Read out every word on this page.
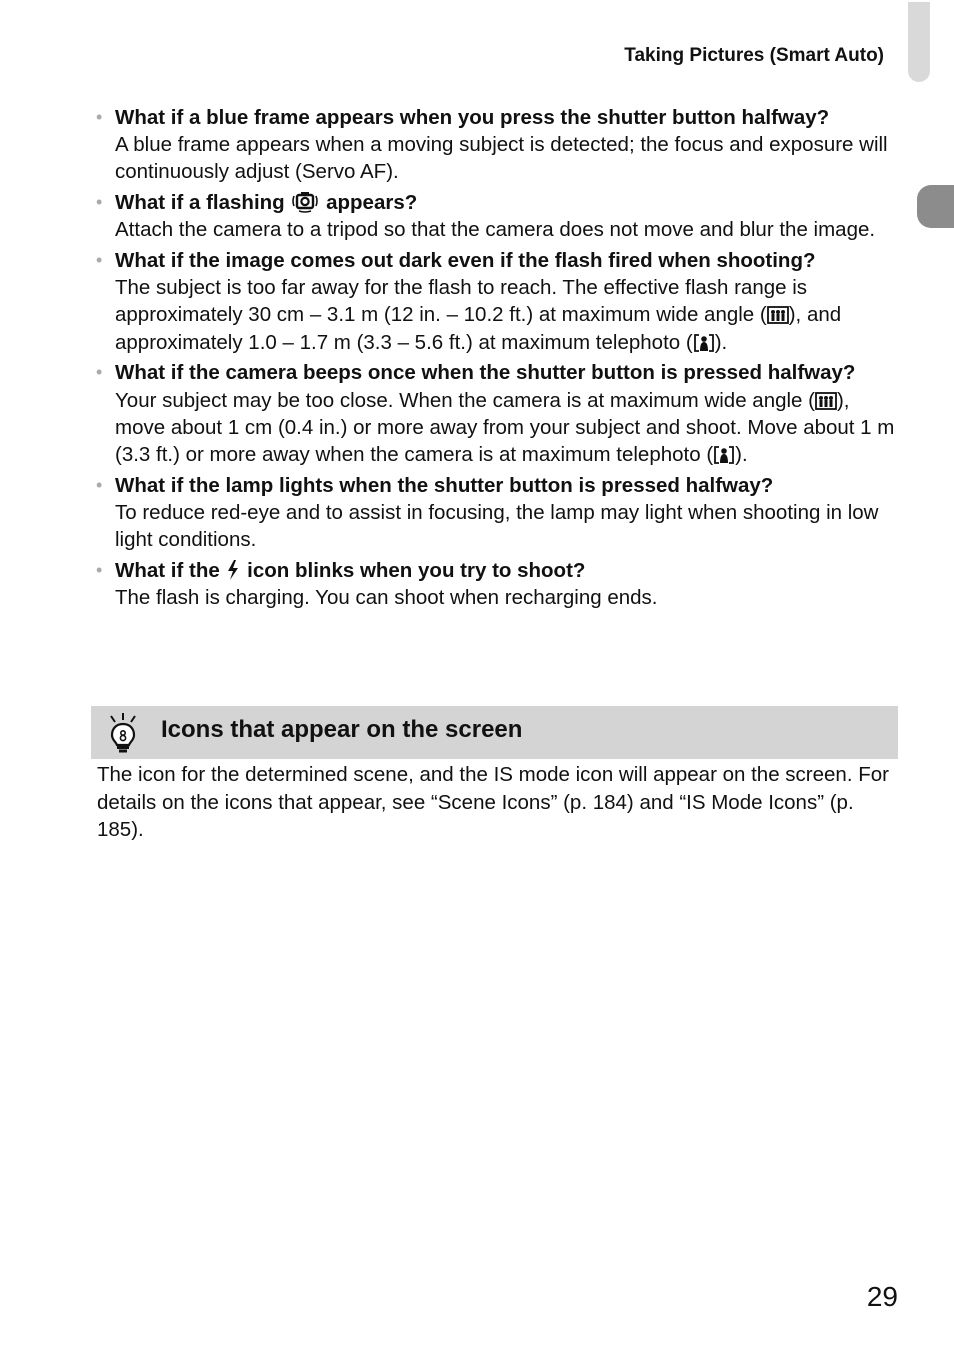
Taking Pictures (Smart Auto)
• What if a blue frame appears when you press the shutter button halfway?
A blue frame appears when a moving subject is detected; the focus and exposure will continuously adjust (Servo AF).
• What if a flashing appears?
Attach the camera to a tripod so that the camera does not move and blur the image.
• What if the image comes out dark even if the flash fired when shooting?
The subject is too far away for the flash to reach. The effective flash range is approximately 30 cm – 3.1 m (12 in. – 10.2 ft.) at maximum wide angle ( ), and approximately 1.0 – 1.7 m (3.3 – 5.6 ft.) at maximum telephoto ( ).
• What if the camera beeps once when the shutter button is pressed halfway?
Your subject may be too close. When the camera is at maximum wide angle ( ), move about 1 cm (0.4 in.) or more away from your subject and shoot. Move about 1 m (3.3 ft.) or more away when the camera is at maximum telephoto ( ).
• What if the lamp lights when the shutter button is pressed halfway?
To reduce red-eye and to assist in focusing, the lamp may light when shooting in low light conditions.
• What if the icon blinks when you try to shoot?
The flash is charging. You can shoot when recharging ends.
Icons that appear on the screen

The icon for the determined scene, and the IS mode icon will appear on the screen. For details on the icons that appear, see “Scene Icons” (p. 184) and “IS Mode Icons” (p. 185).

29
